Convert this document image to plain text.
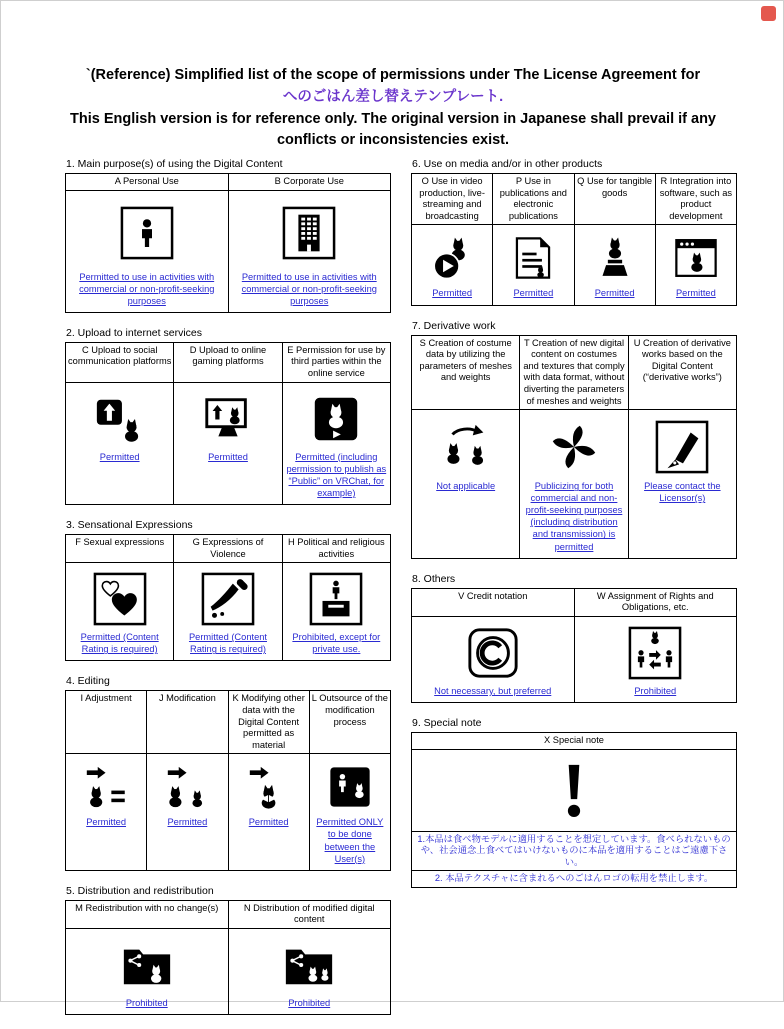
`(Reference) Simplified list of the scope of permissions under The License Agreement for
へのごはん差し替えテンプレート.
This English version is for reference only. The original version in Japanese shall prevail if any conflicts or inconsistencies exist.
1. Main purpose(s) of using the Digital Content
A Personal Use	B Corporate Use

Permitted to use in activities with commercial or non-profit-seeking purposes	Permitted to use in activities with commercial or non-profit-seeking purposes
2. Upload to internet services
C Upload to social communication platforms	D Upload to online gaming platforms	E Permission for use by third parties within the online service

Permitted	Permitted	Permitted (including permission to publish as “Public” on VRChat, for example)
3. Sensational Expressions
F Sexual expressions	G Expressions of Violence	H Political and religious activities

Permitted (Content Rating is required)	Permitted (Content Rating is required)	Prohibited, except for private use.
4. Editing
I Adjustment	J Modification	K Modifying other data with the Digital Content permitted as material	L Outsource of the modification process

Permitted	Permitted	Permitted	Permitted ONLY to be done between the User(s)
5. Distribution and redistribution
M Redistribution with no change(s)	N Distribution of modified digital content

Prohibited	Prohibited
6. Use on media and/or in other products
O Use in video production, live-streaming and broadcasting	P Use in publications and electronic publications	Q Use for tangible goods	R Integration into software, such as product development

Permitted	Permitted	Permitted	Permitted
7. Derivative work
S Creation of costume data by utilizing the parameters of meshes and weights	T Creation of new digital content on costumes and textures that comply with data format, without diverting the parameters of meshes and weights	U Creation of derivative works based on the Digital Content (“derivative works”)

Not applicable	Publicizing for both commercial and non-profit-seeking purposes (including distribution and transmission) is permitted	Please contact the Licensor(s)
8. Others
V Credit notation	W Assignment of Rights and Obligations, etc.

Not necessary, but preferred	Prohibited
9. Special note
X Special note

1.本品は食べ物モデルに適用することを想定しています。食べられないものや、社会通念上食べてはいけないものに本品を適用することはご遠慮下さい。
2. 本品テクスチャに含まれるへのごはんロゴの転用を禁止します。
